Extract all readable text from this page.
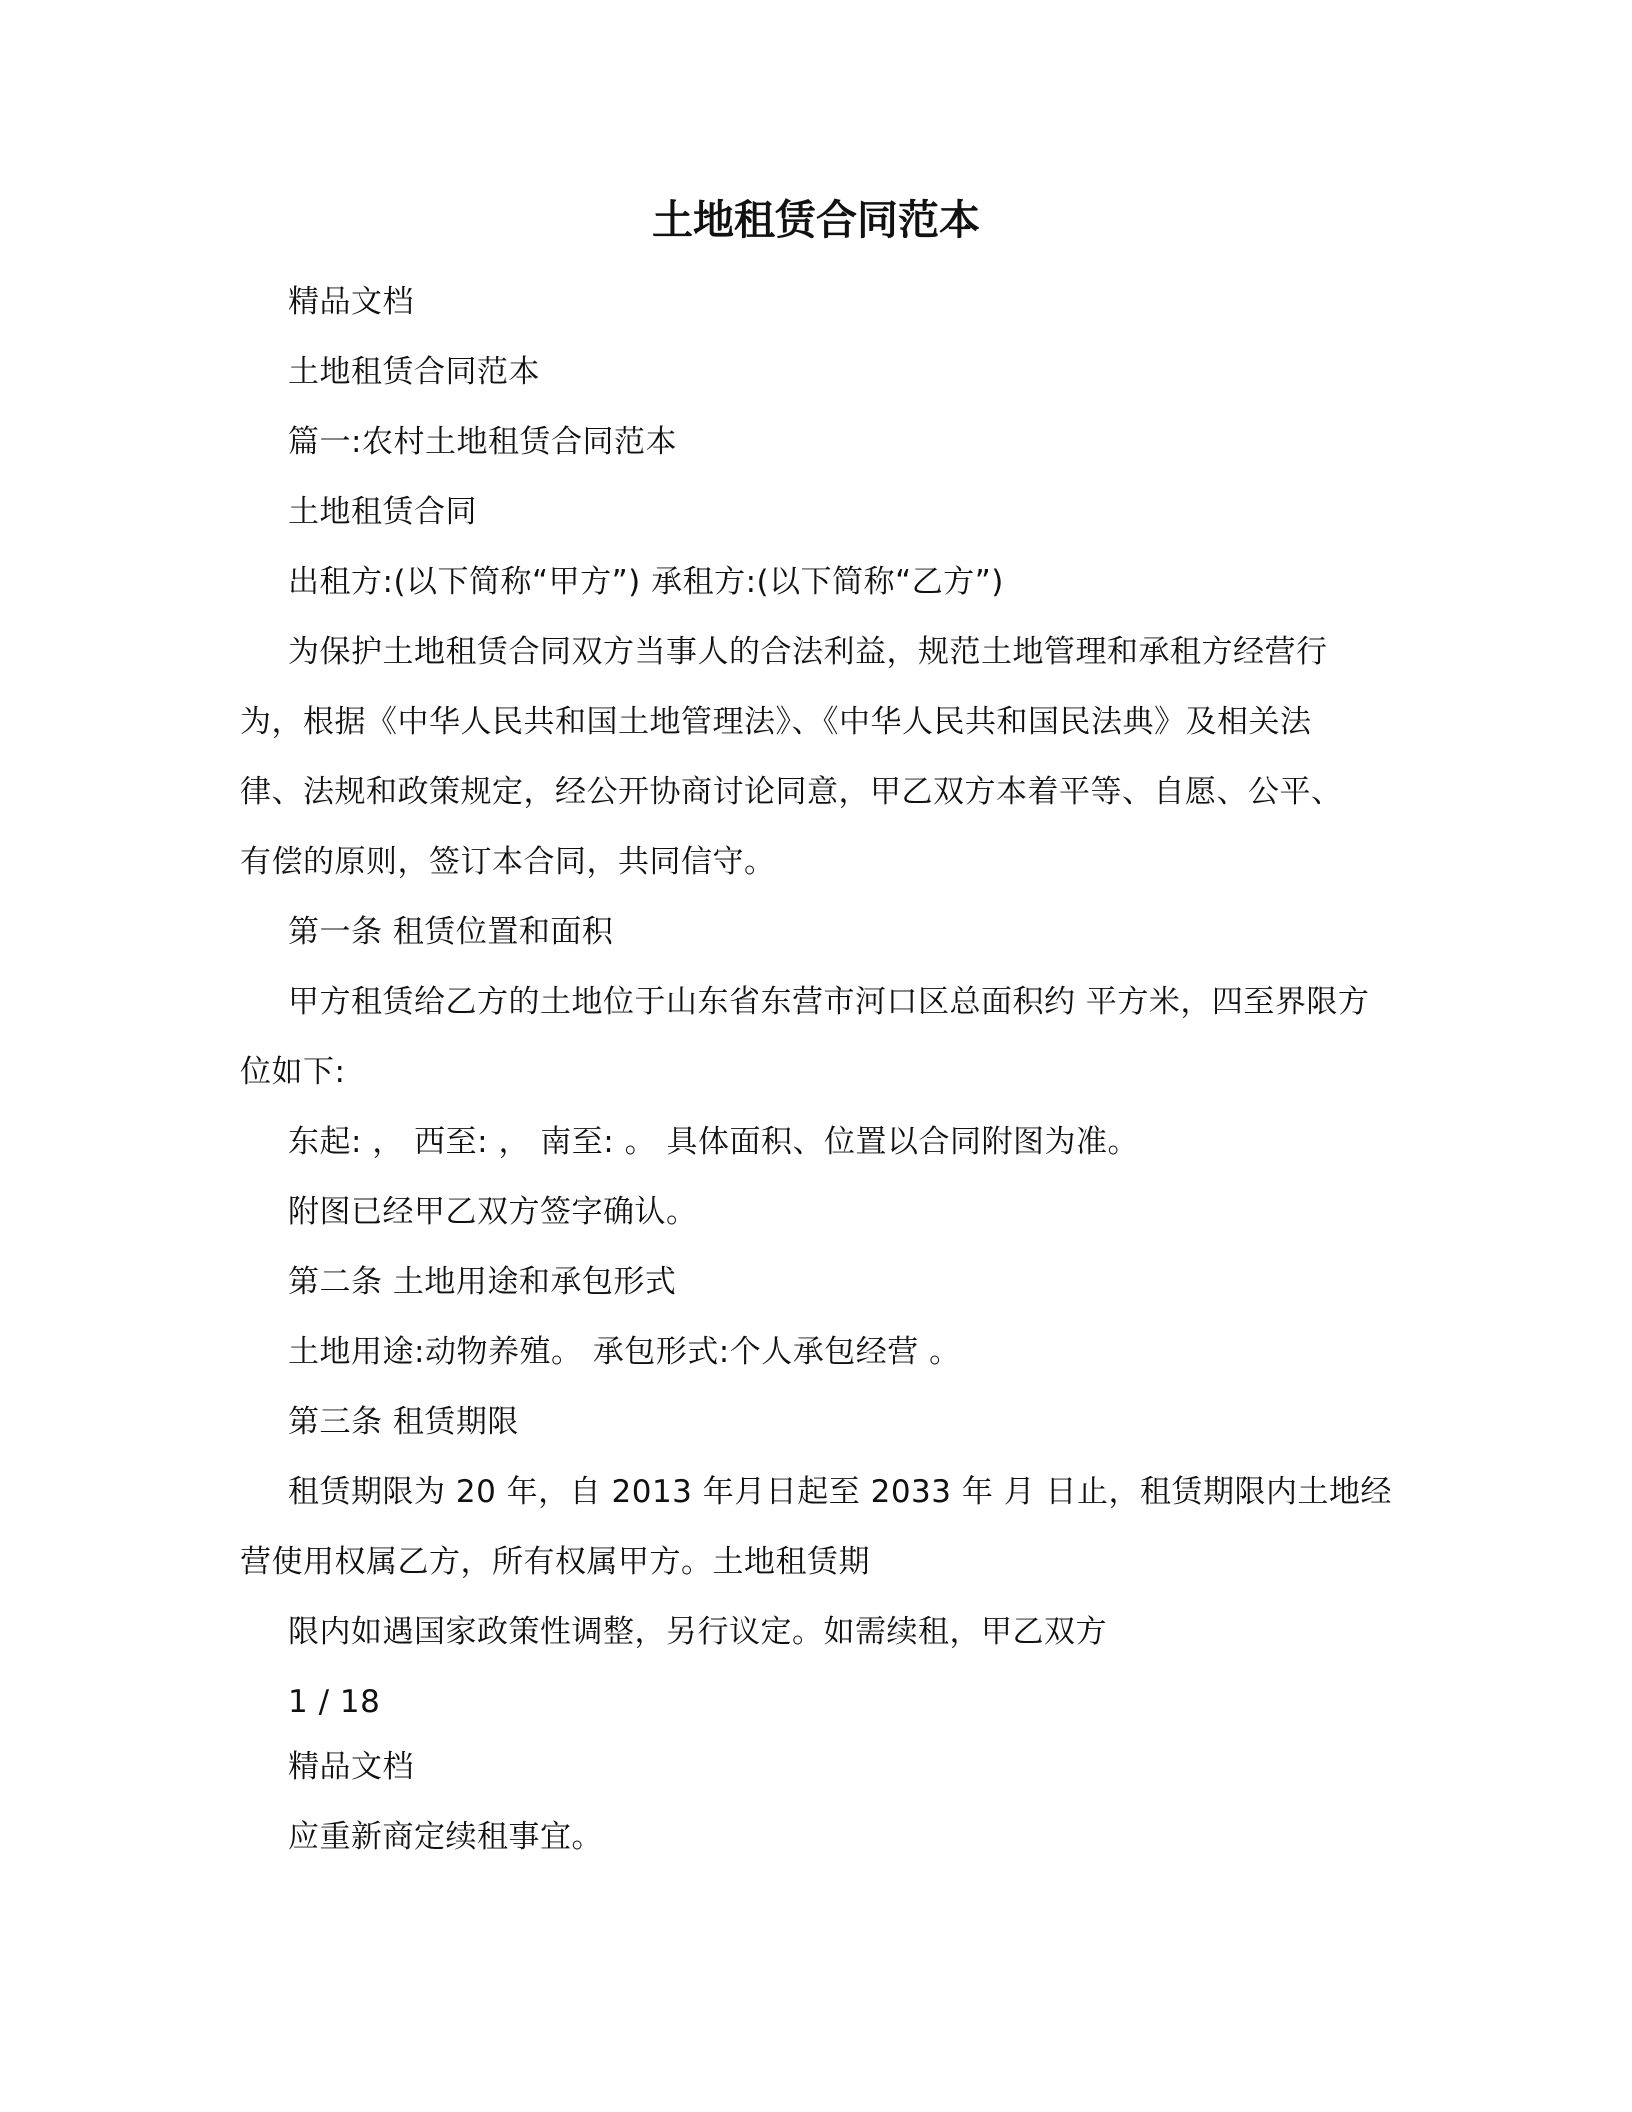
土地租赁合同范本
精品文档
土地租赁合同范本
篇一:农村土地租赁合同范本
土地租赁合同
出租方:(以下简称“甲方”) 承租方:(以下简称“乙方”)
为保护土地租赁合同双方当事人的合法利益，规范土地管理和承租方经营行
为，根据《中华人民共和国土地管理法》、《中华人民共和国民法典》及相关法
律、法规和政策规定，经公开协商讨论同意，甲乙双方本着平等、自愿、公平、
有偿的原则，签订本合同，共同信守。
第一条 租赁位置和面积
甲方租赁给乙方的土地位于山东省东营市河口区总面积约 平方米，四至界限方
位如下:
东起: ， 西至: ， 南至: 。 具体面积、位置以合同附图为准。
附图已经甲乙双方签字确认。
第二条 土地用途和承包形式
土地用途:动物养殖。 承包形式:个人承包经营 。
第三条 租赁期限
租赁期限为 20 年，自 2013 年月日起至 2033 年 月 日止，租赁期限内土地经
营使用权属乙方，所有权属甲方。土地租赁期
限内如遇国家政策性调整，另行议定。如需续租，甲乙双方
1 / 18
精品文档
应重新商定续租事宜。
